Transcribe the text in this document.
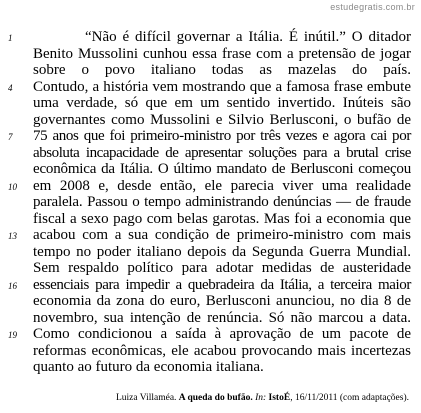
estudegratis.com.br
1	“Não é difícil governar a Itália. É inútil.” O ditador
Benito Mussolini cunhou essa frase com a pretensão de jogar
sobre o povo italiano todas as mazelas do país.
4	Contudo, a história vem mostrando que a famosa frase embute
uma verdade, só que em um sentido invertido. Inúteis são
governantes como Mussolini e Silvio Berlusconi, o bufão de
7	75 anos que foi primeiro-ministro por três vezes e agora cai por
absoluta incapacidade de apresentar soluções para a brutal crise
econômica da Itália. O último mandato de Berlusconi começou
10	em 2008 e, desde então, ele parecia viver uma realidade
paralela. Passou o tempo administrando denúncias — de fraude
fiscal a sexo pago com belas garotas. Mas foi a economia que
13	acabou com a sua condição de primeiro-ministro com mais
tempo no poder italiano depois da Segunda Guerra Mundial.
Sem respaldo político para adotar medidas de austeridade
16	essenciais para impedir a quebradeira da Itália, a terceira maior
economia da zona do euro, Berlusconi anunciou, no dia 8 de
novembro, sua intenção de renúncia. Só não marcou a data.
19	Como condicionou a saída à aprovação de um pacote de
reformas econômicas, ele acabou provocando mais incertezas
quanto ao futuro da economia italiana.
Luiza Villaméa. A queda do bufão. In: IstoÉ, 16/11/2011 (com adaptações).
